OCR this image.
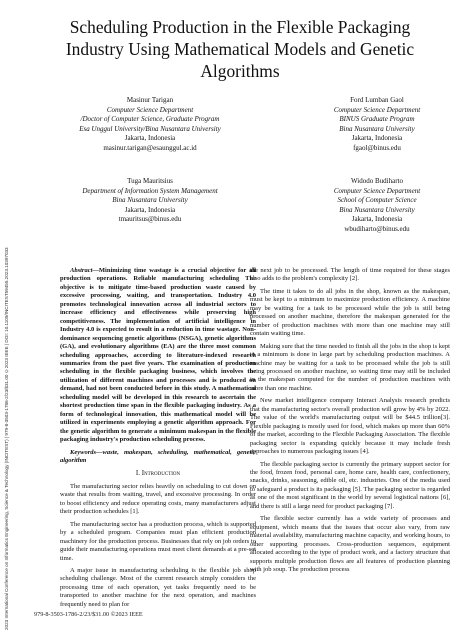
2023 International Conference on Informatics Engineering, Science & Technology (INCITEST) | 979-8-3503-1786-2/23/$31.00 ©2023 IEEE | DOI: 10.1109/INCITEST59455.2023.10397033
Scheduling Production in the Flexible Packaging Industry Using Mathematical Models and Genetic Algorithms
Masinur Tarigan
Computer Science Department
/Doctor of Computer Science, Graduate Program
Esa Unggul University/Bina Nusantara University
Jakarta, Indonesia
masinur.tarigan@esaunggul.ac.id
Ford Lumban Gaol
Computer Science Department
BINUS Graduate Program
Bina Nusantara University
Jakarta, Indonesia
fgaol@binus.edu
Tuga Mauritsius
Department of Information System Management
Bina Nusantara University
Jakarta, Indonesia
tmauritsus@binus.edu
Widodo Budiharto
Computer Science Department
School of Computer Science
Bina Nusantara University
Jakarta, Indonesia
wbudiharto@binus.edu

Abstract—Minimizing time wastage is a crucial objective for all production operations. Reliable manufacturing scheduling The objective is to mitigate time-based production waste caused by excessive processing, waiting, and transportation. Industry 4.0 promotes technological innovation across all industrial sectors to increase efficiency and effectiveness while preserving high competitiveness. The implementation of artificial intelligence in Industry 4.0 is expected to result in a reduction in time wastage. Non-dominance sequencing genetic algorithms (NSGA), genetic algorithms (GA), and evolutionary algorithms (EA) are the three most common scheduling approaches, according to literature-indexed research summaries from the past five years. The examination of production scheduling in the flexible packaging business, which involves the utilization of different machines and processes and is produced on demand, had not been conducted before in this study. A mathematical scheduling model will be developed in this research to ascertain the shortest production time span in the flexible packaging industry. As a form of technological innovation, this mathematical model will be utilized in experiments employing a genetic algorithm approach. For the genetic algorithm to generate a minimum makespan in the flexible packaging industry's production scheduling process.

Keywords—waste, makespan, scheduling, mathematical, genetic algorithm

I. Introduction

The manufacturing sector relies heavily on scheduling to cut down on waste that results from waiting, travel, and excessive processing. In order to boost efficiency and reduce operating costs, many manufacturers adjust their production schedules [1].

The manufacturing sector has a production process, which is supported by a scheduled program. Companies must plan efficient production machinery for the production process. Businesses that rely on job orders to guide their manufacturing operations must meet client demands at a pre-set time.

A major issue in manufacturing scheduling is the flexible job shop scheduling challenge. Most of the current research simply considers the processing time of each operation, yet tasks frequently need to be transported to another machine for the next operation, and machines frequently need to plan for

the next job to be processed. The length of time required for these stages also adds to the problem's complexity [2].

The time it takes to do all jobs in the shop, known as the makespan, must be kept to a minimum to maximize production efficiency. A machine may be waiting for a task to be processed while the job is still being processed on another machine, therefore the makespan generated for the number of production machines with more than one machine may still contain waiting time.

Making sure that the time needed to finish all the jobs in the shop is kept to a minimum is done in large part by scheduling production machines. A machine may be waiting for a task to be processed while the job is still being processed on another machine, so waiting time may still be included in the makespan computed for the number of production machines with more than one machine.

New market intelligence company Interact Analysis research predicts that the manufacturing sector's overall production will grow by 4% by 2022. The value of the world's manufacturing output will be $44.5 trillion[3]. Flexible packaging is mostly used for food, which makes up more than 60% of the market, according to the Flexible Packaging Association. The flexible packaging sector is expanding quickly because it may include fresh approaches to numerous packaging issues [4].

The flexible packaging sector is currently the primary support sector for the food, frozen food, personal care, home care, health care, confectionery, snacks, drinks, seasoning, edible oil, etc. industries. One of the media used to safeguard a product is its packaging [5]. The packaging sector is regarded as one of the most significant in the world by several logistical nations [6], and there is still a large need for product packaging [7].

The flexible sector currently has a wide variety of processes and equipment, which means that the issues that occur also vary, from raw material availability, manufacturing machine capacity, and working hours, to other supporting processes. Cross-production sequences, equipment allocated according to the type of product work, and a factory structure that supports multiple production flows are all features of production planning with job soup. The production process

979-8-3503-1786-2/23/$31.00 ©2023 IEEE
